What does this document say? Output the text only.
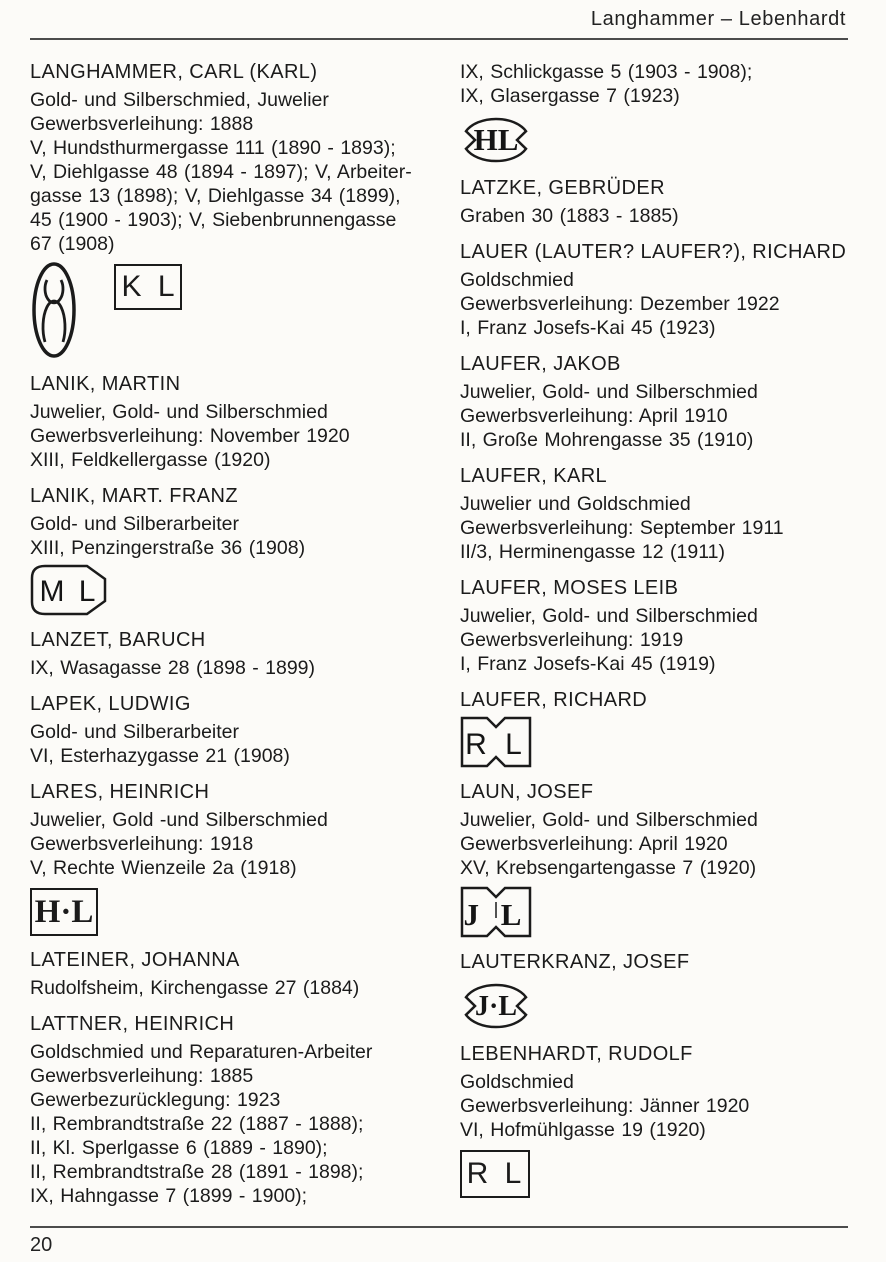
Langhammer – Lebenhardt
LANGHAMMER, CARL (KARL)
Gold- und Silberschmied, Juwelier
Gewerbsverleihung: 1888
V, Hundsthurmergasse 111 (1890 - 1893);
V, Diehlgasse 48 (1894 - 1897); V, Arbeiter-
gasse 13 (1898); V, Diehlgasse 34 (1899),
45 (1900 - 1903); V, Siebenbrunnengasse
67 (1908)
K L
LANIK, MARTIN
Juwelier, Gold- und Silberschmied
Gewerbsverleihung: November 1920
XIII, Feldkellergasse (1920)
LANIK, MART. FRANZ
Gold- und Silberarbeiter
XIII, Penzingerstraße 36 (1908)
M L
LANZET, BARUCH
IX, Wasagasse 28 (1898 - 1899)
LAPEK, LUDWIG
Gold- und Silberarbeiter
VI, Esterhazygasse 21 (1908)
LARES, HEINRICH
Juwelier, Gold -und Silberschmied
Gewerbsverleihung: 1918
V, Rechte Wienzeile 2a (1918)
H·L
LATEINER, JOHANNA
Rudolfsheim, Kirchengasse 27 (1884)
LATTNER, HEINRICH
Goldschmied und Reparaturen-Arbeiter
Gewerbsverleihung: 1885
Gewerbezurücklegung: 1923
II, Rembrandtstraße 22 (1887 - 1888);
II, Kl. Sperlgasse 6 (1889 - 1890);
II, Rembrandtstraße 28 (1891 - 1898);
IX, Hahngasse 7 (1899 - 1900);
IX, Schlickgasse 5 (1903 - 1908);
IX, Glasergasse 7 (1923)
HL
LATZKE, GEBRÜDER
Graben 30 (1883 - 1885)
LAUER (LAUTER? LAUFER?), RICHARD
Goldschmied
Gewerbsverleihung: Dezember 1922
I, Franz Josefs-Kai 45 (1923)
LAUFER, JAKOB
Juwelier, Gold- und Silberschmied
Gewerbsverleihung: April 1910
II, Große Mohrengasse 35 (1910)
LAUFER, KARL
Juwelier und Goldschmied
Gewerbsverleihung: September 1911
II/3, Herminengasse 12 (1911)
LAUFER, MOSES LEIB
Juwelier, Gold- und Silberschmied
Gewerbsverleihung: 1919
I, Franz Josefs-Kai 45 (1919)
LAUFER, RICHARD
R L
LAUN, JOSEF
Juwelier, Gold- und Silberschmied
Gewerbsverleihung: April 1920
XV, Krebsengartengasse 7 (1920)
J L
LAUTERKRANZ, JOSEF
J·L
LEBENHARDT, RUDOLF
Goldschmied
Gewerbsverleihung: Jänner 1920
VI, Hofmühlgasse 19 (1920)
R L
20
